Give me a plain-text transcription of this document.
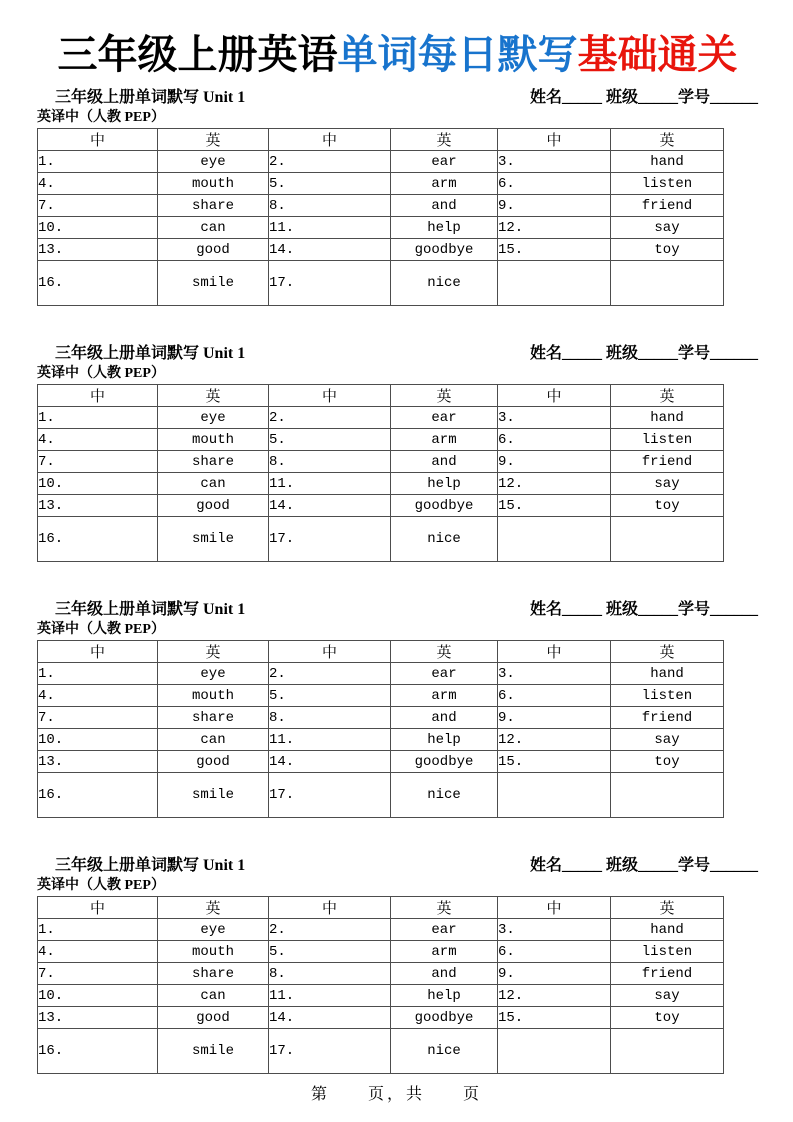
三年级上册英语单词每日默写基础通关
三年级上册单词默写 Unit 1	姓名_____ 班级_____学号______
英译中（人教 PEP）
中	英	中	英	中	英
1.	eye	2.	ear	3.	hand
4.	mouth	5.	arm	6.	listen
7.	share	8.	and	9.	friend
10.	can	11.	help	12.	say
13.	good	14.	goodbye	15.	toy
16.	smile	17.	nice		
三年级上册单词默写 Unit 1	姓名_____ 班级_____学号______
英译中（人教 PEP）
中	英	中	英	中	英
1.	eye	2.	ear	3.	hand
4.	mouth	5.	arm	6.	listen
7.	share	8.	and	9.	friend
10.	can	11.	help	12.	say
13.	good	14.	goodbye	15.	toy
16.	smile	17.	nice		
三年级上册单词默写 Unit 1	姓名_____ 班级_____学号______
英译中（人教 PEP）
中	英	中	英	中	英
1.	eye	2.	ear	3.	hand
4.	mouth	5.	arm	6.	listen
7.	share	8.	and	9.	friend
10.	can	11.	help	12.	say
13.	good	14.	goodbye	15.	toy
16.	smile	17.	nice		
三年级上册单词默写 Unit 1	姓名_____ 班级_____学号______
英译中（人教 PEP）
中	英	中	英	中	英
1.	eye	2.	ear	3.	hand
4.	mouth	5.	arm	6.	listen
7.	share	8.	and	9.	friend
10.	can	11.	help	12.	say
13.	good	14.	goodbye	15.	toy
16.	smile	17.	nice		
第　　页，共　　页
